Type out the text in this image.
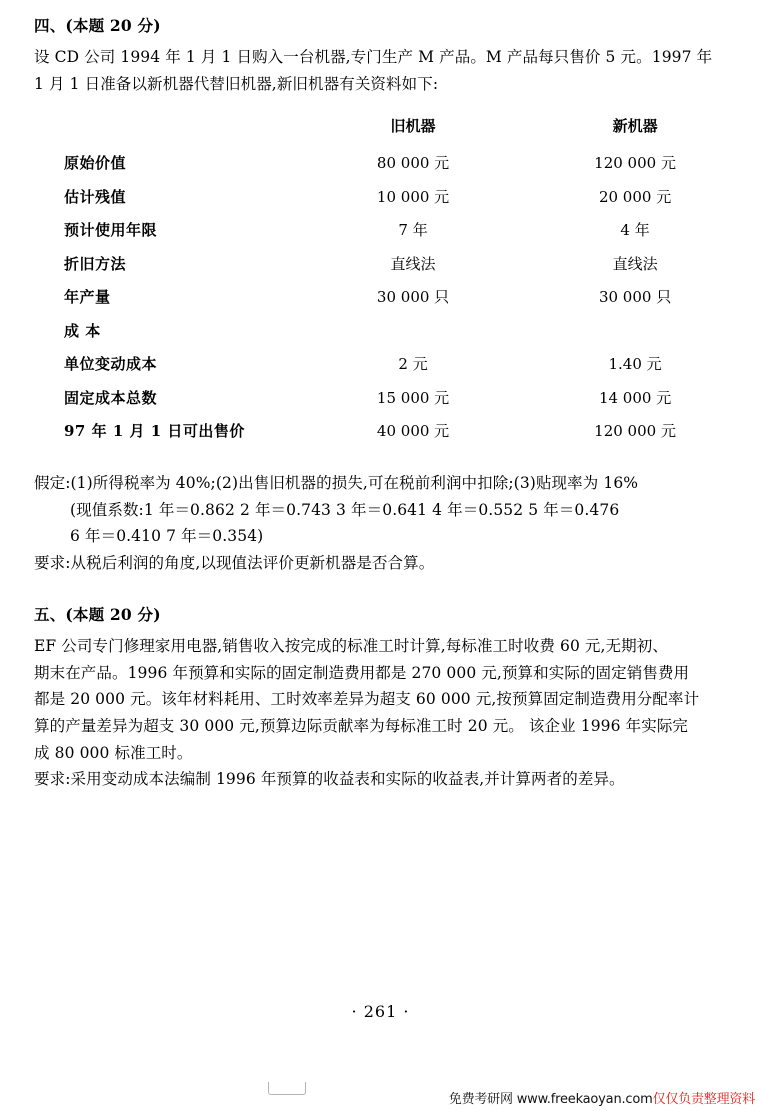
四、(本题 20 分)

设 CD 公司 1994 年 1 月 1 日购入一台机器,专门生产 M 产品。M 产品每只售价 5 元。1997 年

1 月 1 日准备以新机器代替旧机器,新旧机器有关资料如下:

	旧机器		新机器
原始价值	80 000 元		120 000 元
估计残值	10 000 元		20 000 元
预计使用年限	7 年		4 年
折旧方法	直线法		直线法
年产量	30 000 只		30 000 只
成 本			
单位变动成本	2 元		1.40 元
固定成本总数	15 000 元		14 000 元
97 年 1 月 1 日可出售价	40 000 元		120 000 元

假定:(1)所得税率为 40%;(2)出售旧机器的损失,可在税前利润中扣除;(3)贴现率为 16%

(现值系数:1 年＝0.862 2 年＝0.743 3 年＝0.641 4 年＝0.552 5 年＝0.476

6 年＝0.410 7 年＝0.354)

要求:从税后利润的角度,以现值法评价更新机器是否合算。

五、(本题 20 分)

EF 公司专门修理家用电器,销售收入按完成的标准工时计算,每标准工时收费 60 元,无期初、

期末在产品。1996 年预算和实际的固定制造费用都是 270 000 元,预算和实际的固定销售费用

都是 20 000 元。该年材料耗用、工时效率差异为超支 60 000 元,按预算固定制造费用分配率计

算的产量差异为超支 30 000 元,预算边际贡献率为每标准工时 20 元。 该企业 1996 年实际完

成 80 000 标准工时。

要求:采用变动成本法编制 1996 年预算的收益表和实际的收益表,并计算两者的差异。

· 261 ·
免费考研网 www.freekaoyan.com仅仅负责整理资料
